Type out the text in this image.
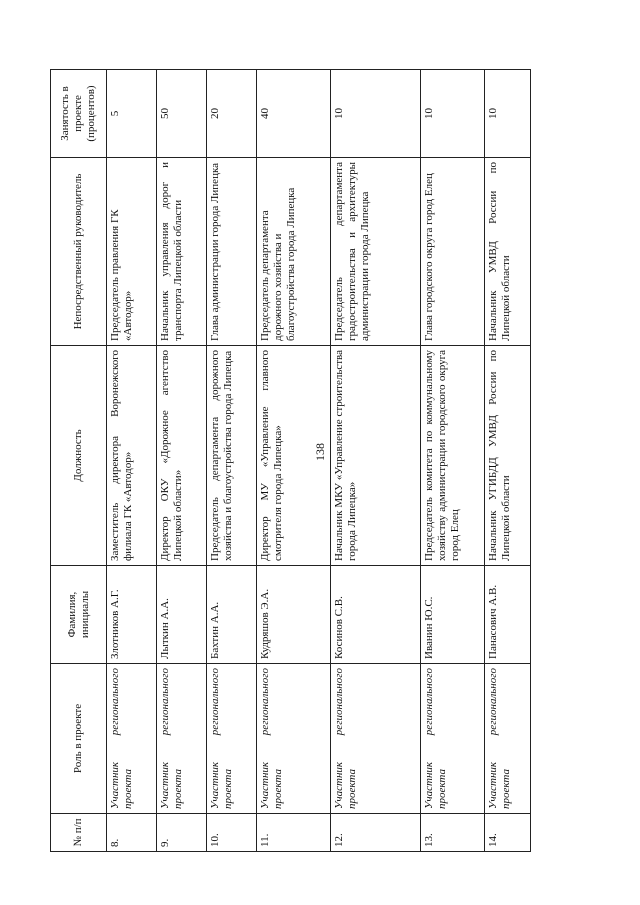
138
№ п/п	Роль в проекте	Фамилия, инициалы	Должность	Непосредственный руководитель	Занятость в проекте (процентов)
8.	Участник регионального проекта	Злотников А.Г.	Заместитель директора Воронежского филиала ГК «Автодор»	Председатель правления ГК «Автодор»	5
9.	Участник регионального проекта	Лыткин А.А.	Директор ОКУ «Дорожное агентство Липецкой области»	Начальник управления дорог и транспорта Липецкой области	50
10.	Участник регионального проекта	Бахтин А.А.	Председатель департамента дорожного хозяйства и благоустройства города Липецка	Глава администрации города Липецка	20
11.	Участник регионального проекта	Кудряшов Э.А.	Директор МУ «Управление главного смотрителя города Липецка»	Председатель департамента дорожного хозяйства и благоустройства города Липецка	40
12.	Участник регионального проекта	Косинов С.В.	Начальник МКУ «Управление строительства города Липецка»	Председатель департамента градостроительства и архитектуры администрации города Липецка	10
13.	Участник регионального проекта	Иванин Ю.С.	Председатель комитета по коммунальному хозяйству администрации городского округа город Елец	Глава городского округа город Елец	10
14.	Участник регионального проекта	Панасович А.В.	Начальник УГИБДД УМВД России по Липецкой области	Начальник УМВД России по Липецкой области	10
